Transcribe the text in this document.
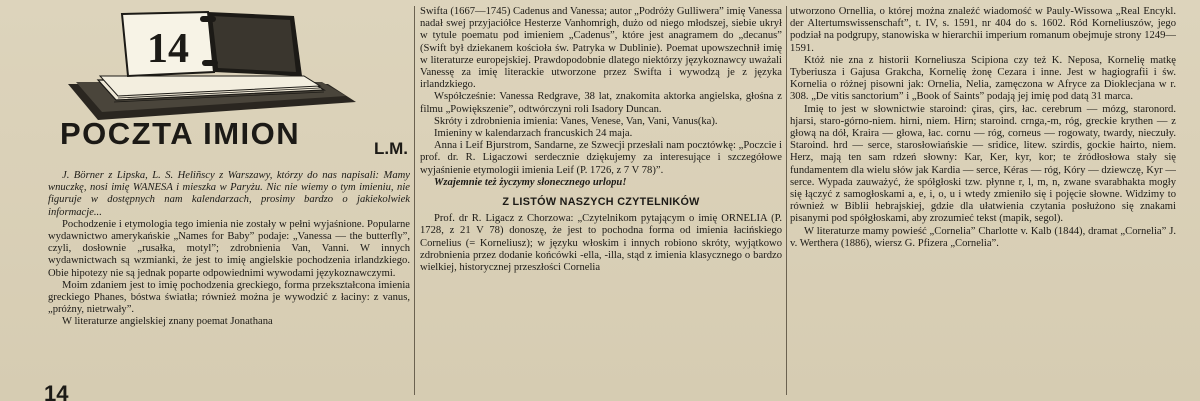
14
POCZTA IMION	L.M.

J. Börner z Lipska, L. S. Heliñscy z Warszawy, którzy do nas napisali: Mamy wnuczkę, nosi imię WANESA i mieszka w Paryżu. Nic nie wiemy o tym imieniu, nie figuruje w dostępnych nam kalendarzach, prosimy bardzo o jakiekolwiek informacje...

Pochodzenie i etymologia tego imienia nie zostały w pełni wyjaśnione. Popularne wydawnictwo amerykańskie „Names for Baby” podaje: „Vanessa — the butterfly”, czyli, dosłownie „rusałka, motyl”; zdrobnienia Van, Vanni. W innych wydawnictwach są wzmianki, że jest to imię angielskie pochodzenia irlandzkiego. Obie hipotezy nie są jednak poparte odpowiednimi wywodami językoznawczymi.

Moim zdaniem jest to imię pochodzenia greckiego, forma przekształcona imienia greckiego Phanes, bóstwa światła; również można je wywodzić z łaciny: z vanus, „próżny, nietrwały”.

W literaturze angielskiej znany poemat Jonathana

Swifta (1667—1745) Cadenus and Vanessa; autor „Podróży Gulliwera” imię Vanessa nadał swej przyjaciółce Hesterze Vanhomrigh, dużo od niego młodszej, siebie ukrył w tytule poematu pod imieniem „Cadenus”, które jest anagramem do „decanus” (Swift był dziekanem kościoła św. Patryka w Dublinie). Poemat upowszechnił imię w literaturze europejskiej. Prawdopodobnie dlatego niektórzy językoznawcy uważali Vanessę za imię literackie utworzone przez Swifta i wywodzą je z języka irlandzkiego.

Współcześnie: Vanessa Redgrave, 38 lat, znakomita aktorka angielska, głośna z filmu „Powiększenie”, odtwórczyni roli Isadory Duncan.

Skróty i zdrobnienia imienia: Vanes, Venese, Van, Vani, Vanus(ka).

Imieniny w kalendarzach francuskich 24 maja.

Anna i Leif Bjurstrom, Sandarne, ze Szwecji przesłali nam pocztówkę: „Poczcie i prof. dr. R. Ligaczowi serdecznie dziękujemy za interesujące i szczegółowe wyjaśnienie etymologii imienia Leif (P. 1726, z 7 V 78)”.

Wzajemnie też życzymy słonecznego urlopu!

Z LISTÓW NASZYCH CZYTELNIKÓW

Prof. dr R. Ligacz z Chorzowa: „Czytelnikom pytającym o imię ORNELIA (P. 1728, z 21 V 78) donoszę, że jest to pochodna forma od imienia łacińskiego Cornelius (= Korneliusz); w języku włoskim i innych robiono skróty, wyjątkowo zdrobnienia przez dodanie końcówki -ella, -illa, stąd z imienia klasycznego o bardzo wielkiej, historycznej przeszłości Cornelia

utworzono Ornellia, o której można znaleźć wiadomość w Pauly-Wissowa „Real Encykl. der Altertumswissenschaft”, t. IV, s. 1591, nr 404 do s. 1602. Ród Korneliuszów, jego podział na podgrupy, stanowiska w hierarchii imperium romanum obejmuje strony 1249—1591.

Któż nie zna z historii Korneliusza Scipiona czy też K. Neposa, Kornelię matkę Tyberiusza i Gajusa Grakcha, Kornelię żonę Cezara i inne. Jest w hagiografii i św. Kornelia o różnej pisowni jak: Ornelia, Nelia, zamęczona w Afryce za Dioklecjana w r. 308. „De vitis sanctorium” i „Book of Saints” podają jej imię pod datą 31 marca.

Imię to jest w słownictwie staroind: çiras, çirs, łac. cerebrum — mózg, staronord. hjarsi, staro-górno-niem. hirni, niem. Hirn; staroind. crnga,-m, róg, greckie krythen — z głową na dół, Kraira — głowa, łac. cornu — róg, corneus — rogowaty, twardy, nieczuły. Staroind. hrd — serce, starosłowiańskie — sridice, litew. szirdis, gockie hairto, niem. Herz, mają ten sam rdzeń słowny: Kar, Ker, kyr, kor; te źródłosłowa stały się fundamentem dla wielu słów jak Kardia — serce, Kéras — róg, Kóry — dziewczę, Kyr — serce. Wypada zauważyć, że spółgłoski tzw. płynne r, l, m, n, zwane svarabhakta mogły się łączyć z samogłoskami a, e, i, o, u i wtedy zmieniło się i pojęcie słowne. Widzimy to również w Biblii hebrajskiej, gdzie dla ułatwienia czytania posłużono się znakami pisanymi pod spółgłoskami, aby zrozumieć tekst (mapik, segol).

W literaturze mamy powieść „Cornelia” Charlotte v. Kalb (1844), dramat „Cornelia” J. v. Werthera (1886), wiersz G. Pfizera „Cornelia”.

14
